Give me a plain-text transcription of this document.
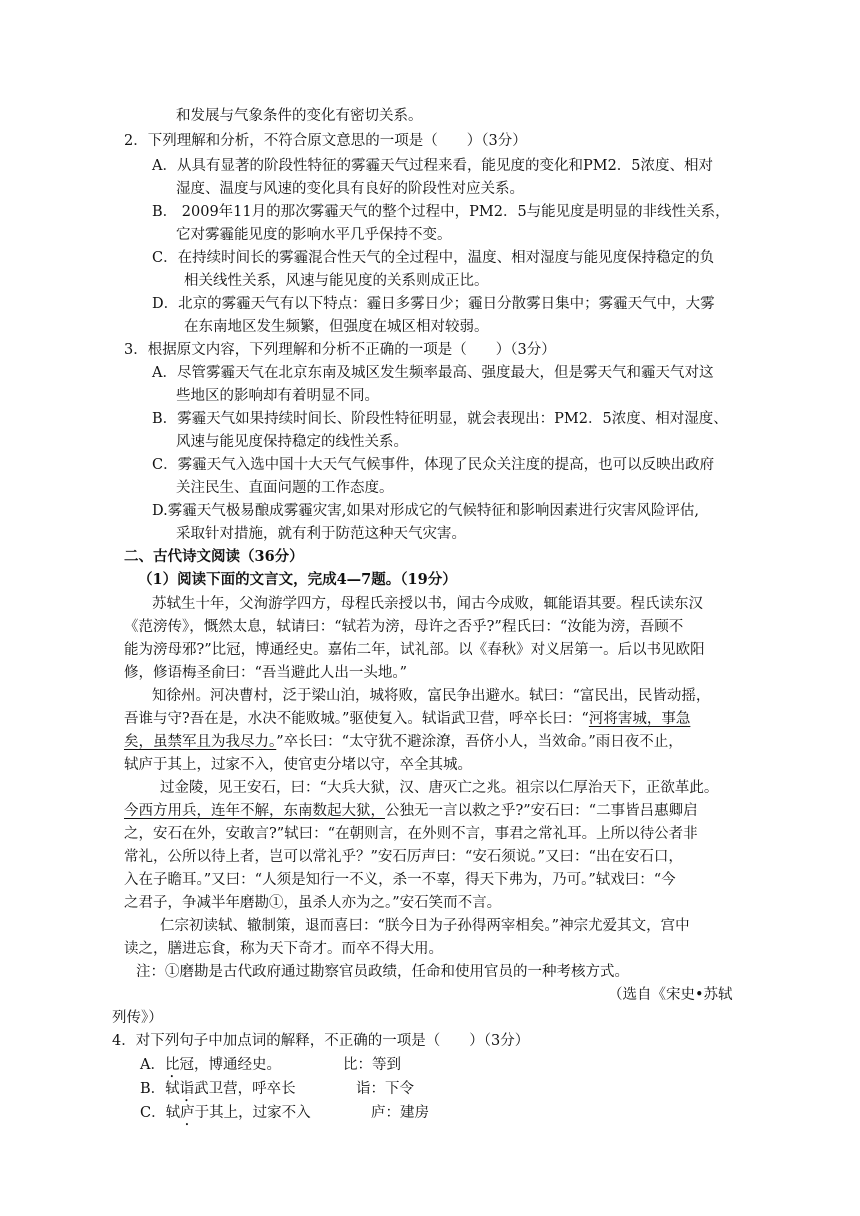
和发展与气象条件的变化有密切关系。
2．下列理解和分析，不符合原文意思的一项是（　　）（3分）
A．从具有显著的阶段性特征的雾霾天气过程来看，能见度的变化和PM2．5浓度、相对
湿度、温度与风速的变化具有良好的阶段性对应关系。
B． 2009年11月的那次雾霾天气的整个过程中，PM2．5与能见度是明显的非线性关系，
它对雾霾能见度的影响水平几乎保持不变。
C．在持续时间长的雾霾混合性天气的全过程中，温度、相对湿度与能见度保持稳定的负
相关线性关系，风速与能见度的关系则成正比。
D．北京的雾霾天气有以下特点：霾日多雾日少；霾日分散雾日集中；雾霾天气中，大雾
在东南地区发生频繁，但强度在城区相对较弱。
3．根据原文内容，下列理解和分析不正确的一项是（　　）（3分）
A．尽管雾霾天气在北京东南及城区发生频率最高、强度最大，但是雾天气和霾天气对这
些地区的影响却有着明显不同。
B．雾霾天气如果持续时间长、阶段性特征明显，就会表现出：PM2．5浓度、相对湿度、
风速与能见度保持稳定的线性关系。
C．雾霾天气入选中国十大天气气候事件，体现了民众关注度的提高，也可以反映出政府
关注民生、直面问题的工作态度。
D.雾霾天气极易酿成雾霾灾害,如果对形成它的气候特征和影响因素进行灾害风险评估,
采取针对措施，就有利于防范这种天气灾害。
二、古代诗文阅读（36分）
（1）阅读下面的文言文，完成4—7题。（19分）
苏轼生十年，父洵游学四方，母程氏亲授以书，闻古今成败，辄能语其要。程氏读东汉
《范滂传》，慨然太息，轼请曰：“轼若为滂，母许之否乎?”程氏曰：“汝能为滂，吾顾不
能为滂母邪?”比冠，博通经史。嘉佑二年，试礼部。以《春秋》对义居第一。后以书见欧阳
修，修语梅圣俞曰：“吾当避此人出一头地。”
知徐州。河决曹村，泛于梁山泊，城将败，富民争出避水。轼曰：“富民出，民皆动摇，
吾谁与守?吾在是，水决不能败城。”驱使复入。轼诣武卫营，呼卒长曰：“河将害城，事急
矣，虽禁军且为我尽力。”卒长曰：“太守犹不避涂潦，吾侪小人，当效命。”雨日夜不止，
轼庐于其上，过家不入，使官吏分堵以守，卒全其城。
过金陵，见王安石，曰：“大兵大狱，汉、唐灭亡之兆。祖宗以仁厚治天下，正欲革此。
今西方用兵，连年不解，东南数起大狱，公独无一言以救之乎?”安石曰：“二事皆吕惠卿启
之，安石在外，安敢言?”轼曰：“在朝则言，在外则不言，事君之常礼耳。上所以待公者非
常礼，公所以待上者，岂可以常礼乎？”安石厉声曰：“安石须说。”又曰：“出在安石口，
入在子瞻耳。”又曰：“人须是知行一不义，杀一不辜，得天下弗为，乃可。”轼戏曰：“今
之君子，争减半年磨勘①，虽杀人亦为之。”安石笑而不言。
仁宗初读轼、辙制策，退而喜曰：“朕今日为子孙得两宰相矣。”神宗尤爱其文，宫中
读之，膳进忘食，称为天下奇才。而卒不得大用。
注：①磨勘是古代政府通过勘察官员政绩，任命和使用官员的一种考核方式。
（选自《宋史•苏轼
列传》）
4．对下列句子中加点词的解释，不正确的一项是（　　）（3分）
A．比冠，博通经史。	比：等到
B．轼诣武卫营，呼卒长	诣：下令
C．轼庐于其上，过家不入	庐：建房
